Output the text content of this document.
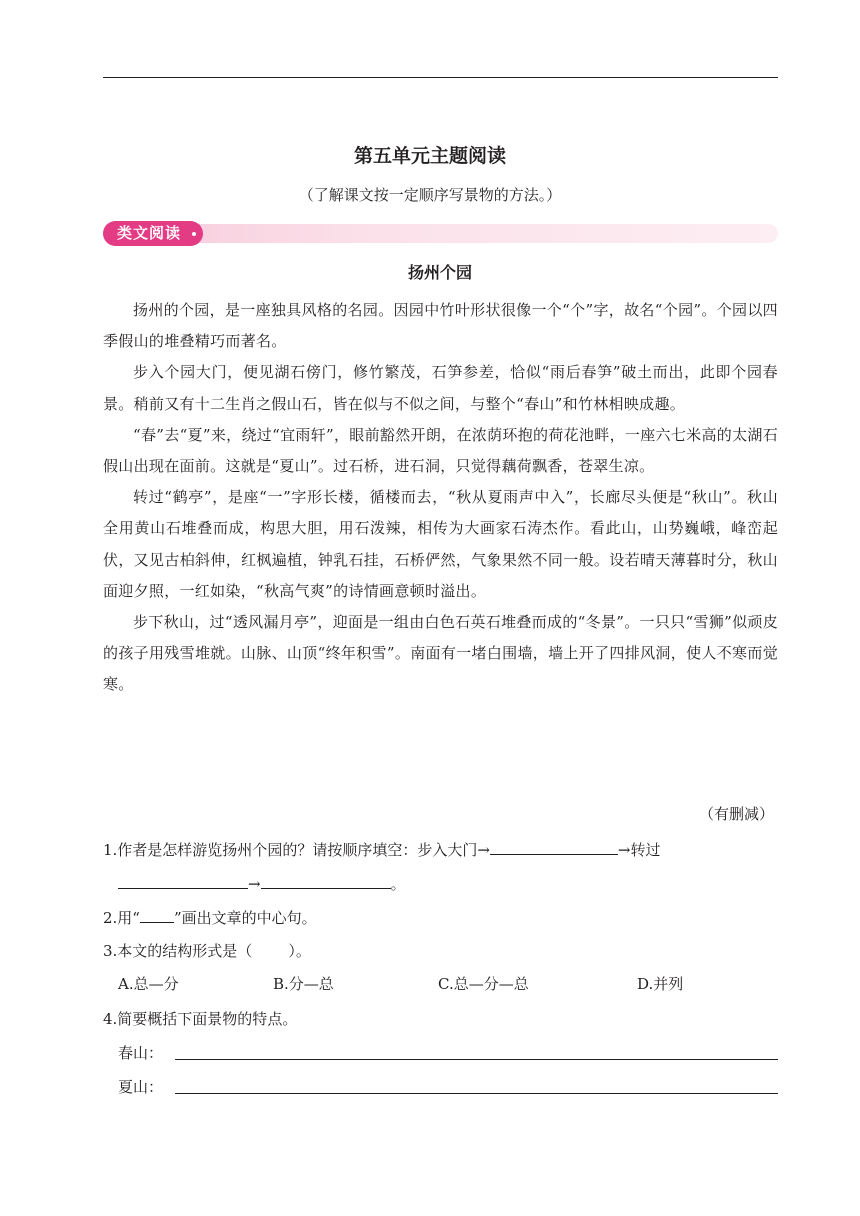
第五单元主题阅读
（了解课文按一定顺序写景物的方法。）
类文阅读
扬州个园

扬州的个园，是一座独具风格的名园。因园中竹叶形状很像一个“个”字，故名“个园”。个园以四季假山的堆叠精巧而著名。

步入个园大门，便见湖石傍门，修竹繁茂，石笋参差，恰似“雨后春笋”破土而出，此即个园春景。稍前又有十二生肖之假山石，皆在似与不似之间，与整个“春山”和竹林相映成趣。

“春”去“夏”来，绕过“宜雨轩”，眼前豁然开朗，在浓荫环抱的荷花池畔，一座六七米高的太湖石假山出现在面前。这就是“夏山”。过石桥，进石洞，只觉得藕荷飘香，苍翠生凉。

转过“鹤亭”，是座“一”字形长楼，循楼而去，“秋从夏雨声中入”，长廊尽头便是“秋山”。秋山全用黄山石堆叠而成，构思大胆，用石泼辣，相传为大画家石涛杰作。看此山，山势巍峨，峰峦起伏，又见古柏斜伸，红枫遍植，钟乳石挂，石桥俨然，气象果然不同一般。设若晴天薄暮时分，秋山面迎夕照，一红如染，“秋高气爽”的诗情画意顿时溢出。

步下秋山，过“透风漏月亭”，迎面是一组由白色石英石堆叠而成的“冬景”。一只只“雪狮”似顽皮的孩子用残雪堆就。山脉、山顶“终年积雪”。南面有一堵白围墙，墙上开了四排风洞，使人不寒而觉寒。

（有删减）
1.作者是怎样游览扬州个园的？请按顺序填空：步入大门→	→转过
→	。
2.用“ ”画出文章的中心句。
3.本文的结构形式是（ ）。
A.总—分	B.分—总	C.总—分—总	D.并列
4.简要概括下面景物的特点。
春山：
夏山：
